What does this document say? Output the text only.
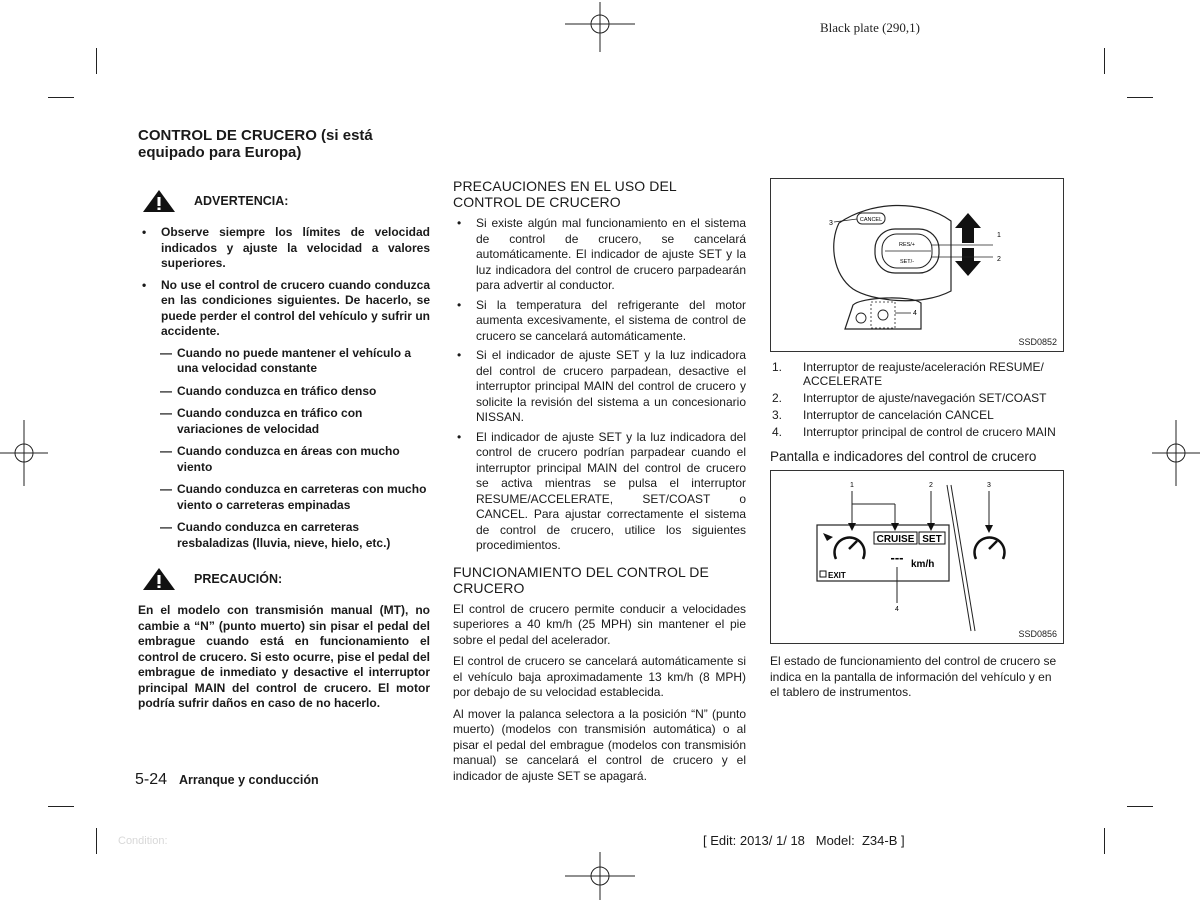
Black plate (290,1)
CONTROL DE CRUCERO (si está equipado para Europa)
ADVERTENCIA:
• Observe siempre los límites de velocidad indicados y ajuste la velocidad a valores superiores.
• No use el control de crucero cuando conduzca en las condiciones siguientes. De hacerlo, se puede perder el control del vehículo y sufrir un accidente.
— Cuando no puede mantener el vehículo a una velocidad constante
— Cuando conduzca en tráfico denso
— Cuando conduzca en tráfico con variaciones de velocidad
— Cuando conduzca en áreas con mucho viento
— Cuando conduzca en carreteras con mucho viento o carreteras empinadas
— Cuando conduzca en carreteras resbaladizas (lluvia, nieve, hielo, etc.)
PRECAUCIÓN:

En el modelo con transmisión manual (MT), no cambie a “N” (punto muerto) sin pisar el pedal del embrague cuando está en funcionamiento el control de crucero. Si esto ocurre, pise el pedal del embrague de inmediato y desactive el interruptor principal MAIN del control de crucero. El motor podría sufrir daños en caso de no hacerlo.

PRECAUCIONES EN EL USO DEL CONTROL DE CRUCERO
• Si existe algún mal funcionamiento en el sistema de control de crucero, se cancelará automáticamente. El indicador de ajuste SET y la luz indicadora del control de crucero parpadearán para advertir al conductor.
• Si la temperatura del refrigerante del motor aumenta excesivamente, el sistema de control de crucero se cancelará automáticamente.
• Si el indicador de ajuste SET y la luz indicadora del control de crucero parpadean, desactive el interruptor principal MAIN del control de crucero y solicite la revisión del sistema a un concesionario NISSAN.
• El indicador de ajuste SET y la luz indicadora del control de crucero podrían parpadear cuando el interruptor principal MAIN del control de crucero se activa mientras se pulsa el interruptor RESUME/ACCELERATE, SET/COAST o CANCEL. Para ajustar correctamente el sistema de control de crucero, utilice los siguientes procedimientos.
FUNCIONAMIENTO DEL CONTROL DE CRUCERO

El control de crucero permite conducir a velocidades superiores a 40 km/h (25 MPH) sin mantener el pie sobre el pedal del acelerador.

El control de crucero se cancelará automáticamente si el vehículo baja aproximadamente 13 km/h (8 MPH) por debajo de su velocidad establecida.

Al mover la palanca selectora a la posición “N” (punto muerto) (modelos con transmisión automática) o al pisar el pedal del embrague (modelos con transmisión manual) se cancelará el control de crucero y el indicador de ajuste SET se apagará.

CANCEL
RES/+
SET/-
1
2
3
4
SSD0852
1. Interruptor de reajuste/aceleración RESUME/ ACCELERATE
2. Interruptor de ajuste/navegación SET/COAST
3. Interruptor de cancelación CANCEL
4. Interruptor principal de control de crucero MAIN
Pantalla e indicadores del control de crucero
1	2	3
4
CRUISE SET
--- km/h
EXIT
SSD0856

El estado de funcionamiento del control de crucero se indica en la pantalla de información del vehículo y en el tablero de instrumentos.

5-24 Arranque y conducción
Condition:	[ Edit: 2013/ 1/ 18   Model:  Z34-B ]
